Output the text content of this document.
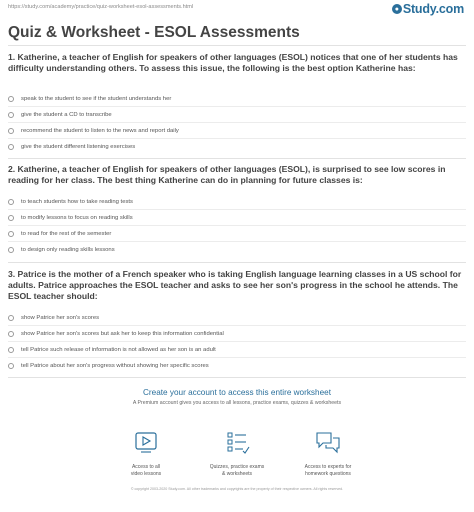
https://study.com/academy/practice/quiz-worksheet-esol-assessments.html	● Study.com
Quiz & Worksheet - ESOL Assessments
1. Katherine, a teacher of English for speakers of other languages (ESOL) notices that one of her students has difficulty understanding others. To assess this issue, the following is the best option Katherine has:
speak to the student to see if the student understands her
give the student a CD to transcribe
recommend the student to listen to the news and report daily
give the student different listening exercises
2. Katherine, a teacher of English for speakers of other languages (ESOL), is surprised to see low scores in reading for her class. The best thing Katherine can do in planning for future classes is:
to teach students how to take reading tests
to modify lessons to focus on reading skills
to read for the rest of the semester
to design only reading skills lessons
3. Patrice is the mother of a French speaker who is taking English language learning classes in a US school for adults. Patrice approaches the ESOL teacher and asks to see her son's progress in the school he attends. The ESOL teacher should:
show Patrice her son's scores
show Patrice her son's scores but ask her to keep this information confidential
tell Patrice such release of information is not allowed as her son is an adult
tell Patrice about her son's progress without showing her specific scores
Create your account to access this entire worksheet
A Premium account gives you access to all lessons, practice exams, quizzes & worksheets
Access to all
video lessons
Quizzes, practice exams
& worksheets
Access to experts for
homework questions
© copyright 2003-2020 Study.com. All other trademarks and copyrights are the property of their respective owners. All rights reserved.
